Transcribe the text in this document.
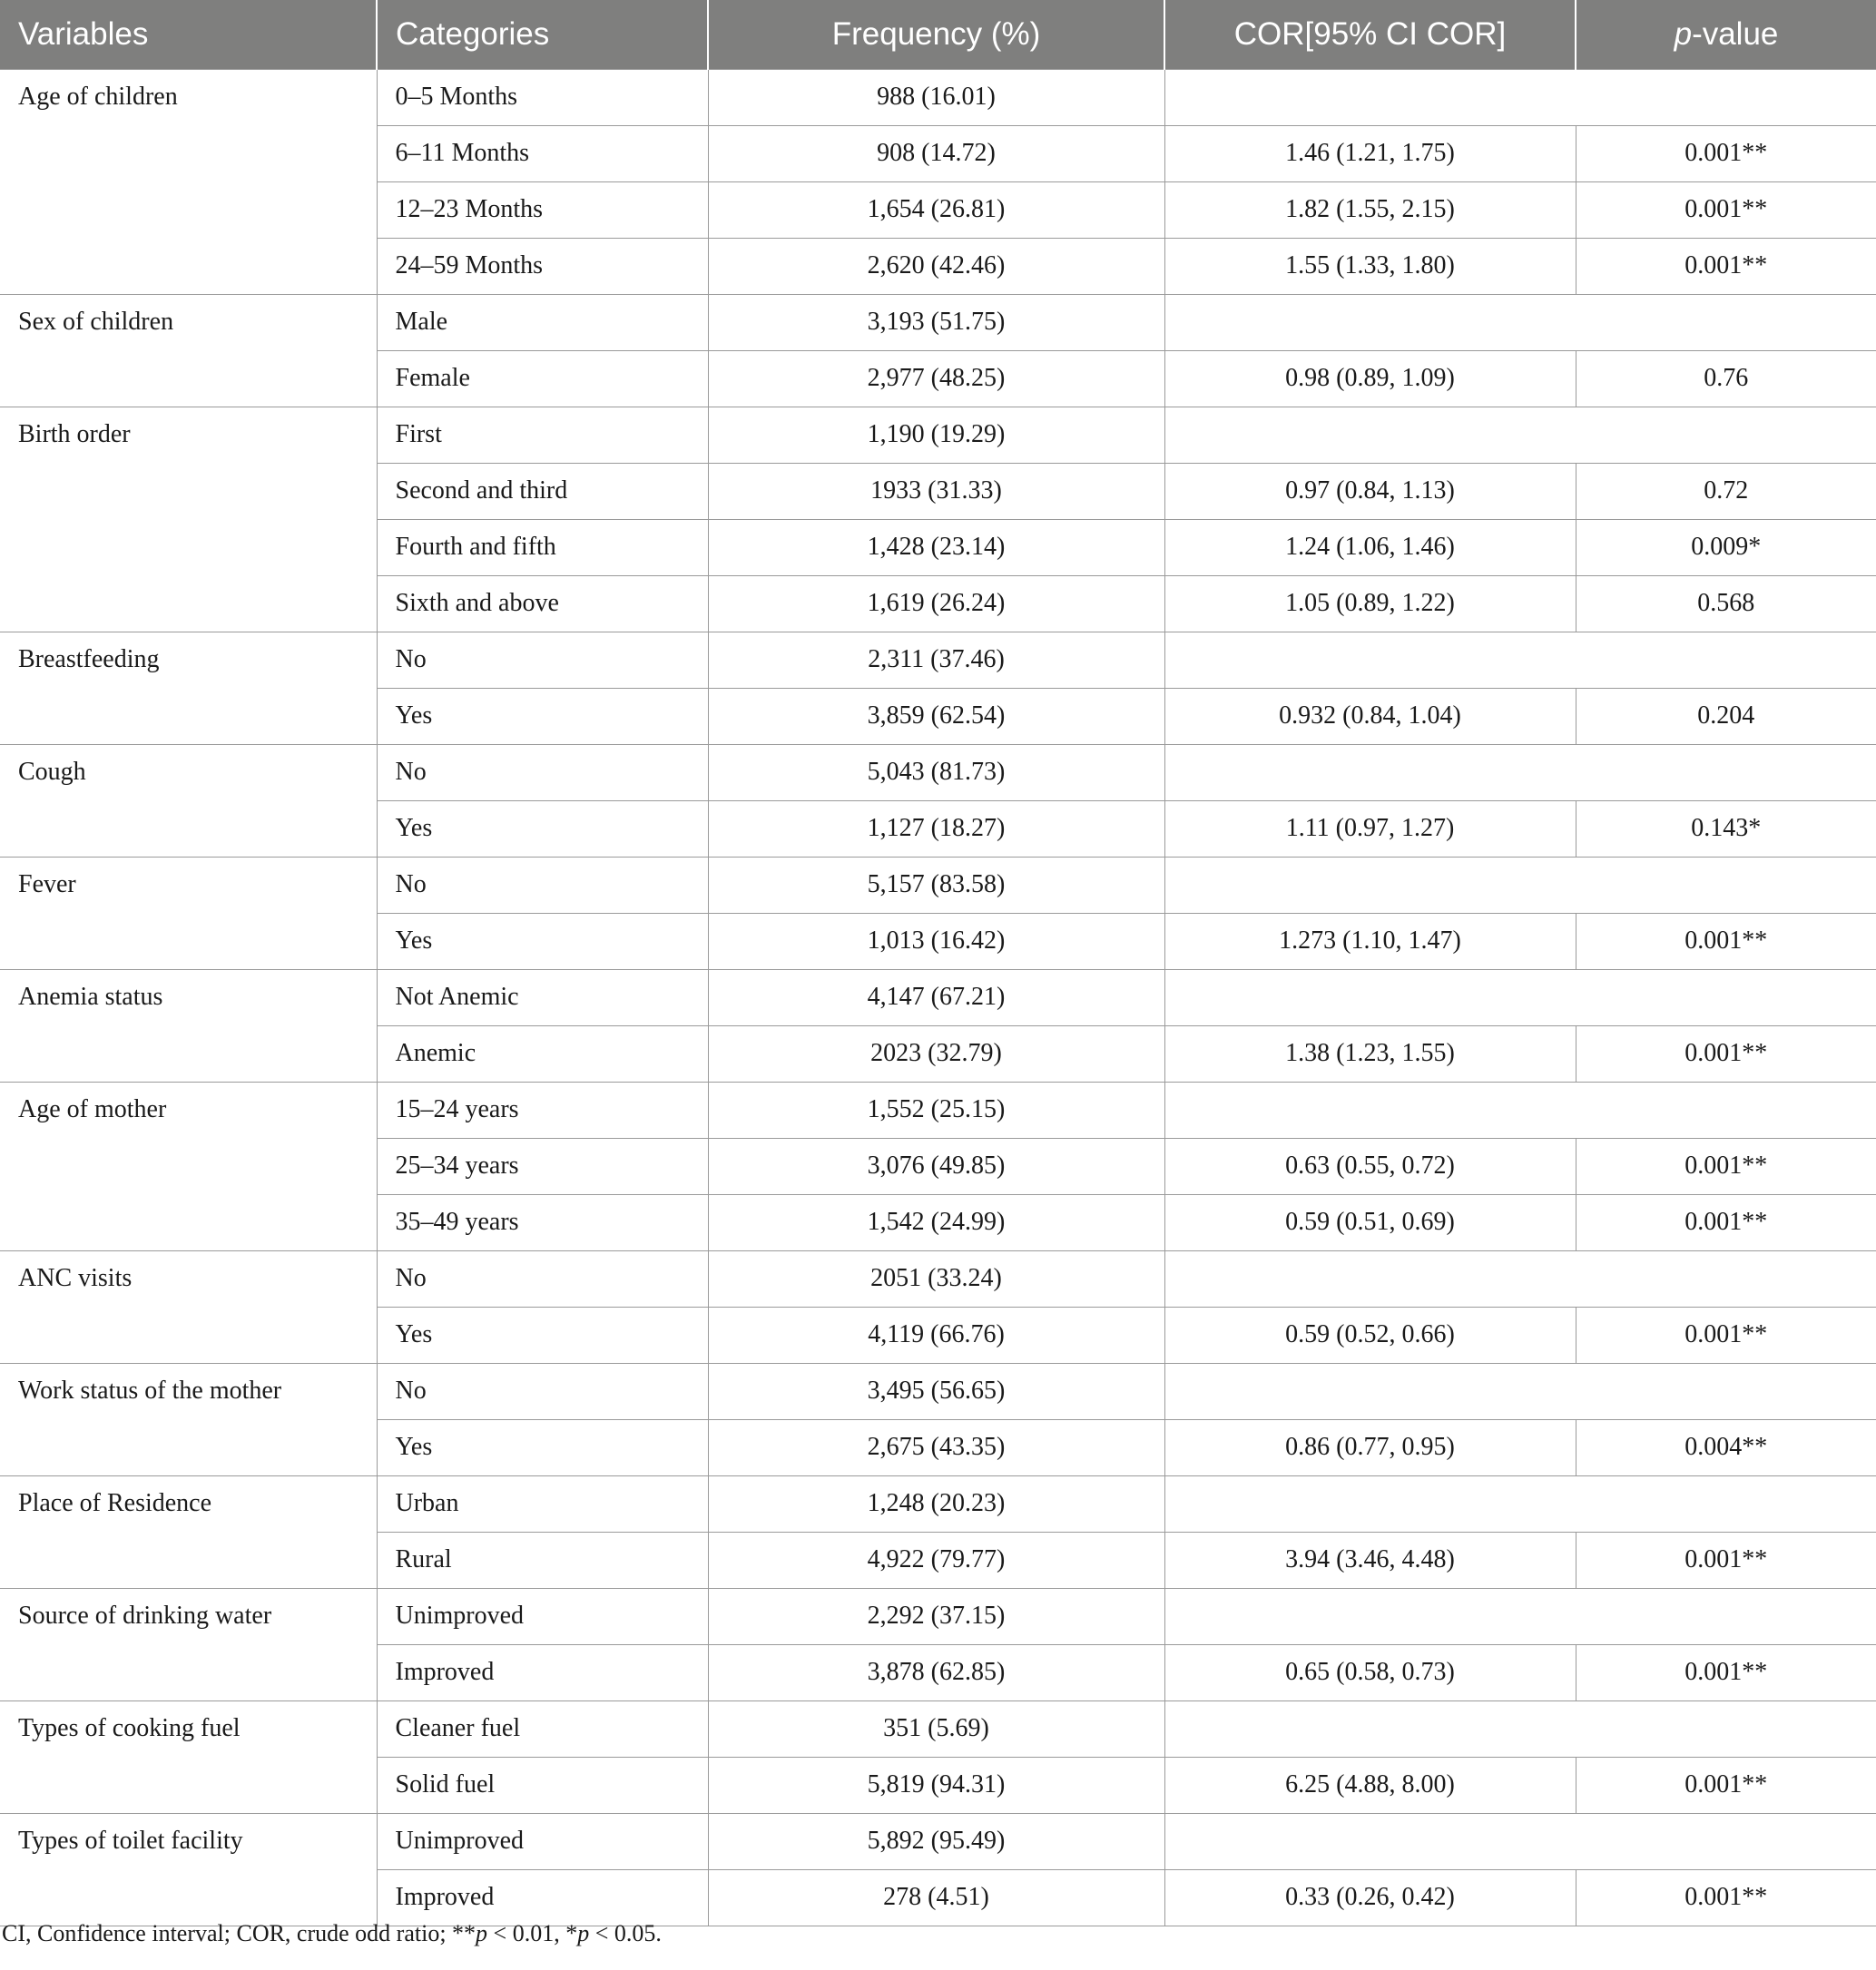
Variables	Categories	Frequency (%)	COR[95% CI COR]	p-value
Age of children	0–5 Months	988 (16.01)		
	6–11 Months	908 (14.72)	1.46 (1.21, 1.75)	0.001**
	12–23 Months	1,654 (26.81)	1.82 (1.55, 2.15)	0.001**
	24–59 Months	2,620 (42.46)	1.55 (1.33, 1.80)	0.001**
Sex of children	Male	3,193 (51.75)		
	Female	2,977 (48.25)	0.98 (0.89, 1.09)	0.76
Birth order	First	1,190 (19.29)		
	Second and third	1933 (31.33)	0.97 (0.84, 1.13)	0.72
	Fourth and fifth	1,428 (23.14)	1.24 (1.06, 1.46)	0.009*
	Sixth and above	1,619 (26.24)	1.05 (0.89, 1.22)	0.568
Breastfeeding	No	2,311 (37.46)		
	Yes	3,859 (62.54)	0.932 (0.84, 1.04)	0.204
Cough	No	5,043 (81.73)		
	Yes	1,127 (18.27)	1.11 (0.97, 1.27)	0.143*
Fever	No	5,157 (83.58)		
	Yes	1,013 (16.42)	1.273 (1.10, 1.47)	0.001**
Anemia status	Not Anemic	4,147 (67.21)		
	Anemic	2023 (32.79)	1.38 (1.23, 1.55)	0.001**
Age of mother	15–24 years	1,552 (25.15)		
	25–34 years	3,076 (49.85)	0.63 (0.55, 0.72)	0.001**
	35–49 years	1,542 (24.99)	0.59 (0.51, 0.69)	0.001**
ANC visits	No	2051 (33.24)		
	Yes	4,119 (66.76)	0.59 (0.52, 0.66)	0.001**
Work status of the mother	No	3,495 (56.65)		
	Yes	2,675 (43.35)	0.86 (0.77, 0.95)	0.004**
Place of Residence	Urban	1,248 (20.23)		
	Rural	4,922 (79.77)	3.94 (3.46, 4.48)	0.001**
Source of drinking water	Unimproved	2,292 (37.15)		
	Improved	3,878 (62.85)	0.65 (0.58, 0.73)	0.001**
Types of cooking fuel	Cleaner fuel	351 (5.69)		
	Solid fuel	5,819 (94.31)	6.25 (4.88, 8.00)	0.001**
Types of toilet facility	Unimproved	5,892 (95.49)		
	Improved	278 (4.51)	0.33 (0.26, 0.42)	0.001**
CI, Confidence interval; COR, crude odd ratio; **p < 0.01, *p < 0.05.
